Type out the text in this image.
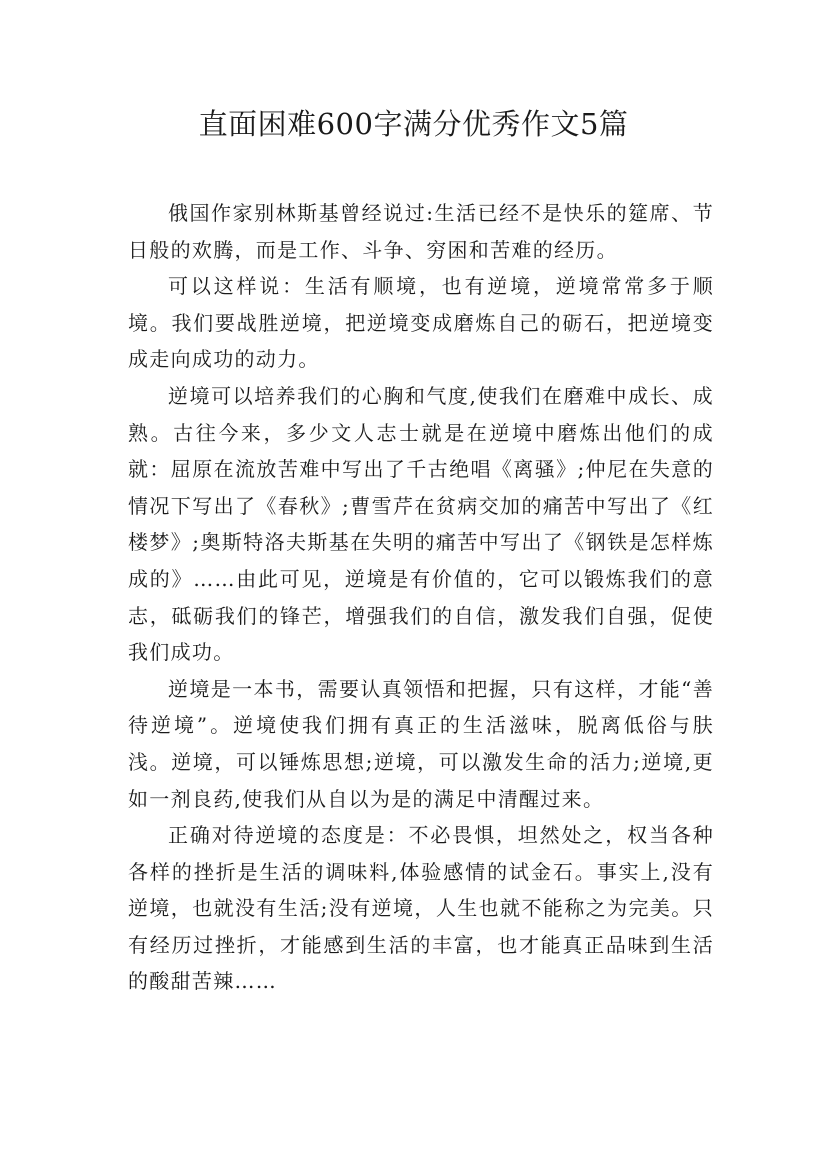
直面困难600字满分优秀作文5篇

俄国作家别林斯基曾经说过:生活已经不是快乐的筵席、节日般的欢腾，而是工作、斗争、穷困和苦难的经历。

可以这样说：生活有顺境，也有逆境，逆境常常多于顺境。我们要战胜逆境，把逆境变成磨炼自己的砺石，把逆境变成走向成功的动力。

逆境可以培养我们的心胸和气度,使我们在磨难中成长、成熟。古往今来，多少文人志士就是在逆境中磨炼出他们的成就：屈原在流放苦难中写出了千古绝唱《离骚》;仲尼在失意的情况下写出了《春秋》;曹雪芹在贫病交加的痛苦中写出了《红楼梦》;奥斯特洛夫斯基在失明的痛苦中写出了《钢铁是怎样炼成的》……由此可见，逆境是有价值的，它可以锻炼我们的意志，砥砺我们的锋芒，增强我们的自信，激发我们自强，促使我们成功。

逆境是一本书，需要认真领悟和把握，只有这样，才能“善待逆境”。逆境使我们拥有真正的生活滋味，脱离低俗与肤浅。逆境，可以锤炼思想;逆境，可以激发生命的活力;逆境,更如一剂良药,使我们从自以为是的满足中清醒过来。

正确对待逆境的态度是：不必畏惧，坦然处之，权当各种各样的挫折是生活的调味料,体验感情的试金石。事实上,没有逆境，也就没有生活;没有逆境，人生也就不能称之为完美。只有经历过挫折，才能感到生活的丰富，也才能真正品味到生活的酸甜苦辣……
